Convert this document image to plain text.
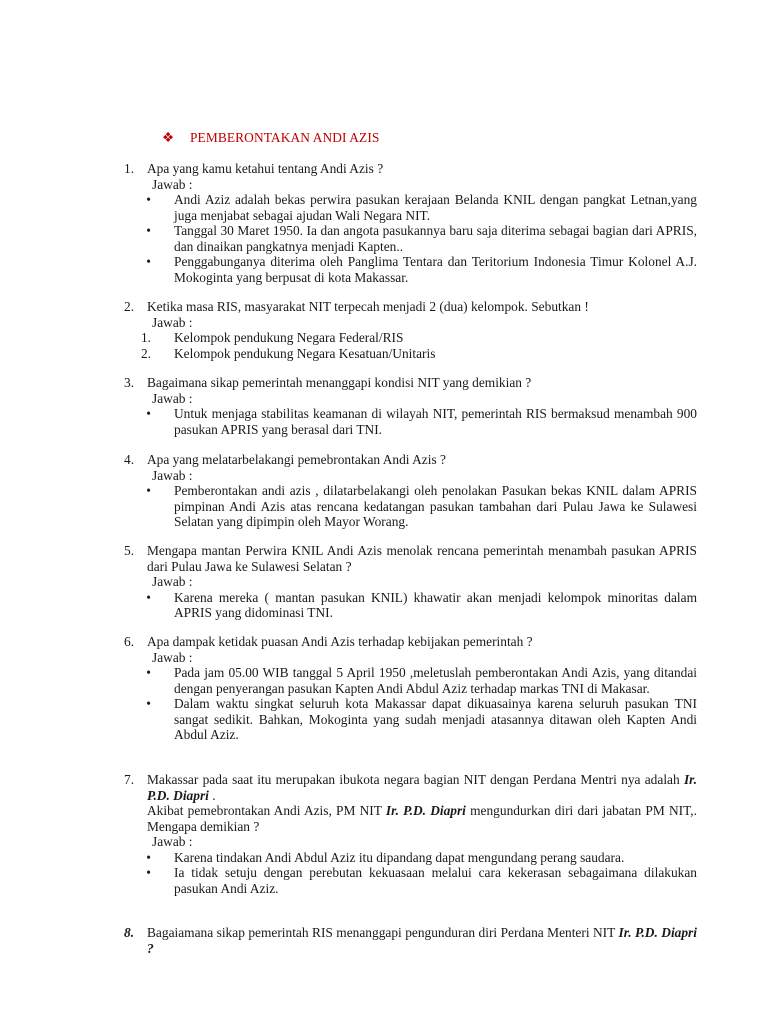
❖ PEMBERONTAKAN ANDI AZIS
1. Apa yang kamu ketahui tentang Andi Azis ?
Jawab :
•	Andi Aziz adalah bekas perwira pasukan kerajaan Belanda KNIL dengan pangkat Letnan,yang juga menjabat sebagai ajudan Wali Negara NIT.
•	Tanggal 30 Maret 1950. Ia dan angota pasukannya baru saja diterima sebagai bagian dari APRIS, dan dinaikan pangkatnya menjadi Kapten..
•	Penggabunganya diterima oleh Panglima Tentara dan Teritorium Indonesia Timur Kolonel A.J. Mokoginta yang berpusat di kota Makassar.
2. Ketika masa RIS, masyarakat NIT terpecah menjadi 2 (dua) kelompok. Sebutkan !
Jawab :
1.	Kelompok pendukung Negara Federal/RIS
2.	Kelompok pendukung Negara Kesatuan/Unitaris
3. Bagaimana sikap pemerintah menanggapi kondisi NIT yang demikian ?
Jawab :
•	Untuk menjaga stabilitas keamanan di wilayah NIT, pemerintah RIS bermaksud menambah 900 pasukan APRIS yang berasal dari TNI.
4. Apa yang melatarbelakangi pemebrontakan Andi Azis ?
Jawab :
•	Pemberontakan andi azis , dilatarbelakangi oleh penolakan Pasukan bekas KNIL dalam APRIS pimpinan Andi Azis atas rencana kedatangan pasukan tambahan dari Pulau Jawa ke Sulawesi Selatan yang dipimpin oleh Mayor Worang.
5. Mengapa mantan Perwira KNIL Andi Azis menolak rencana pemerintah menambah pasukan APRIS dari Pulau Jawa ke Sulawesi Selatan ?
Jawab :
•	Karena mereka ( mantan pasukan KNIL) khawatir akan menjadi kelompok minoritas dalam APRIS yang didominasi TNI.
6. Apa dampak ketidak puasan Andi Azis terhadap kebijakan pemerintah ?
Jawab :
•	Pada jam 05.00 WIB tanggal 5 April 1950 ,meletuslah pemberontakan Andi Azis, yang ditandai dengan penyerangan pasukan Kapten Andi Abdul Aziz terhadap markas TNI di Makasar.
•	Dalam waktu singkat seluruh kota Makassar dapat dikuasainya karena seluruh pasukan TNI sangat sedikit. Bahkan, Mokoginta yang sudah menjadi atasannya ditawan oleh Kapten Andi Abdul Aziz.
7. Makassar pada saat itu merupakan ibukota negara bagian NIT dengan Perdana Mentri nya adalah Ir. P.D. Diapri .
Akibat pemebrontakan Andi Azis, PM NIT Ir. P.D. Diapri mengundurkan diri dari jabatan PM NIT,. Mengapa demikian ?
Jawab :
•	Karena tindakan Andi Abdul Aziz itu dipandang dapat mengundang perang saudara.
•	Ia tidak setuju dengan perebutan kekuasaan melalui cara kekerasan sebagaimana dilakukan pasukan Andi Aziz.
8. Bagaiamana sikap pemerintah RIS menanggapi pengunduran diri Perdana Menteri NIT Ir. P.D. Diapri ?
